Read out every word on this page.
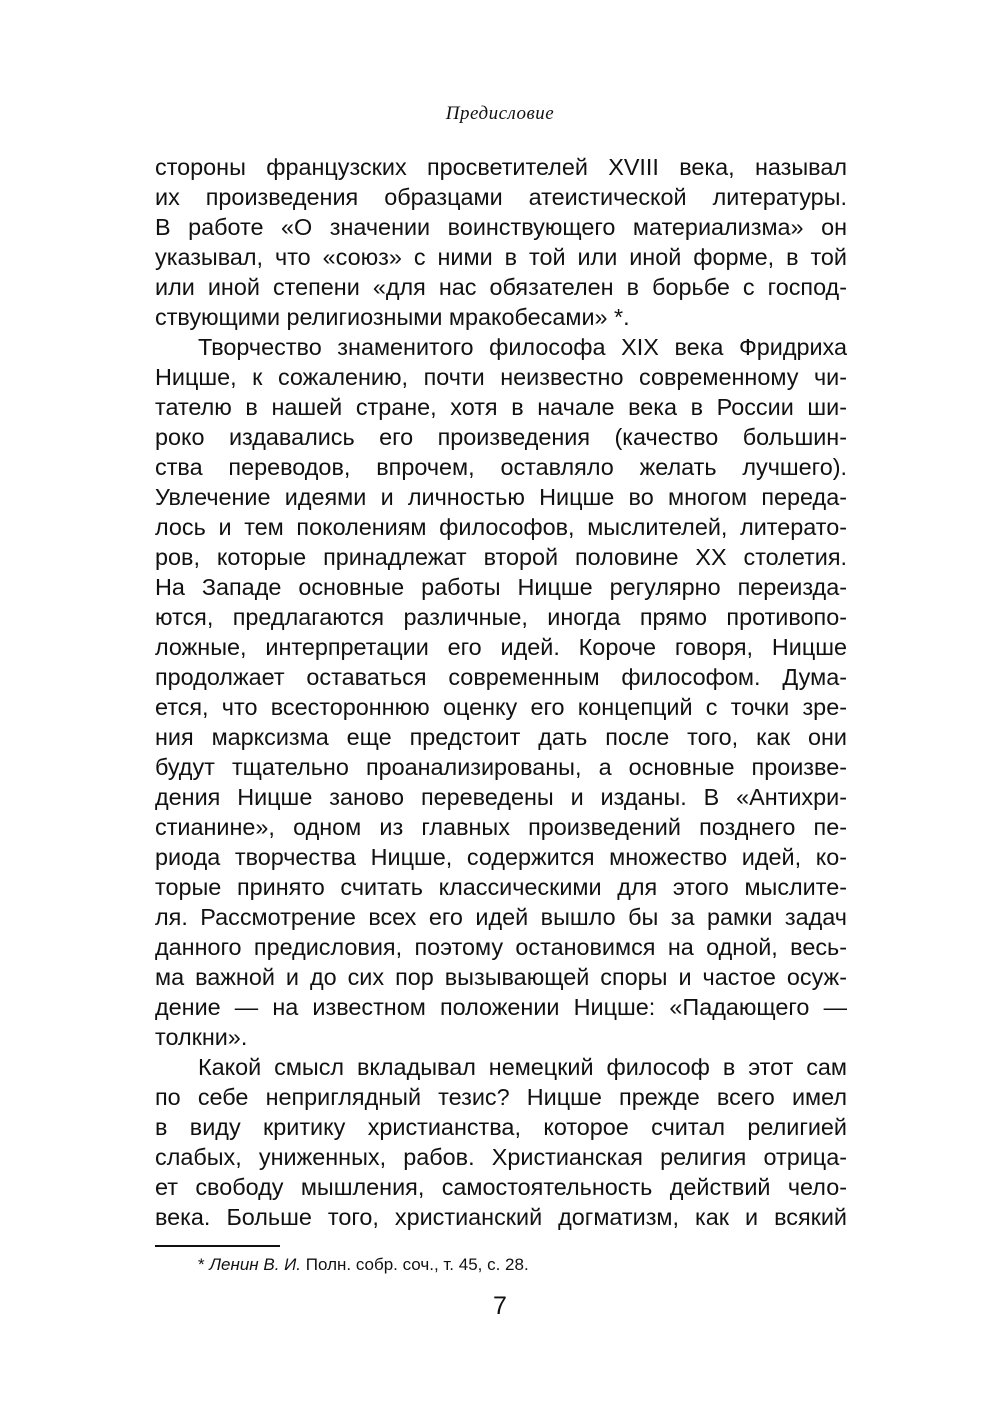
Предисловие
стороны французских просветителей XVIII века, называл
их произведения образцами атеистической литературы.
В работе «О значении воинствующего материализма» он
указывал, что «союз» с ними в той или иной форме, в той
или иной степени «для нас обязателен в борьбе с господ-
ствующими религиозными мракобесами» *.
Творчество знаменитого философа XIX века Фридриха
Ницше, к сожалению, почти неизвестно современному чи-
тателю в нашей стране, хотя в начале века в России ши-
роко издавались его произведения (качество большин-
ства переводов, впрочем, оставляло желать лучшего).
Увлечение идеями и личностью Ницше во многом переда-
лось и тем поколениям философов, мыслителей, литерато-
ров, которые принадлежат второй половине XX столетия.
На Западе основные работы Ницше регулярно переизда-
ются, предлагаются различные, иногда прямо противопо-
ложные, интерпретации его идей. Короче говоря, Ницше
продолжает оставаться современным философом. Дума-
ется, что всестороннюю оценку его концепций с точки зре-
ния марксизма еще предстоит дать после того, как они
будут тщательно проанализированы, а основные произве-
дения Ницше заново переведены и изданы. В «Антихри-
стианине», одном из главных произведений позднего пе-
риода творчества Ницше, содержится множество идей, ко-
торые принято считать классическими для этого мыслите-
ля. Рассмотрение всех его идей вышло бы за рамки задач
данного предисловия, поэтому остановимся на одной, весь-
ма важной и до сих пор вызывающей споры и частое осуж-
дение — на известном положении Ницше: «Падающего —
толкни».
Какой смысл вкладывал немецкий философ в этот сам
по себе неприглядный тезис? Ницше прежде всего имел
в виду критику христианства, которое считал религией
слабых, униженных, рабов. Христианская религия отрица-
ет свободу мышления, самостоятельность действий чело-
века. Больше того, христианский догматизм, как и всякий
* Ленин В. И. Полн. собр. соч., т. 45, с. 28.
7
